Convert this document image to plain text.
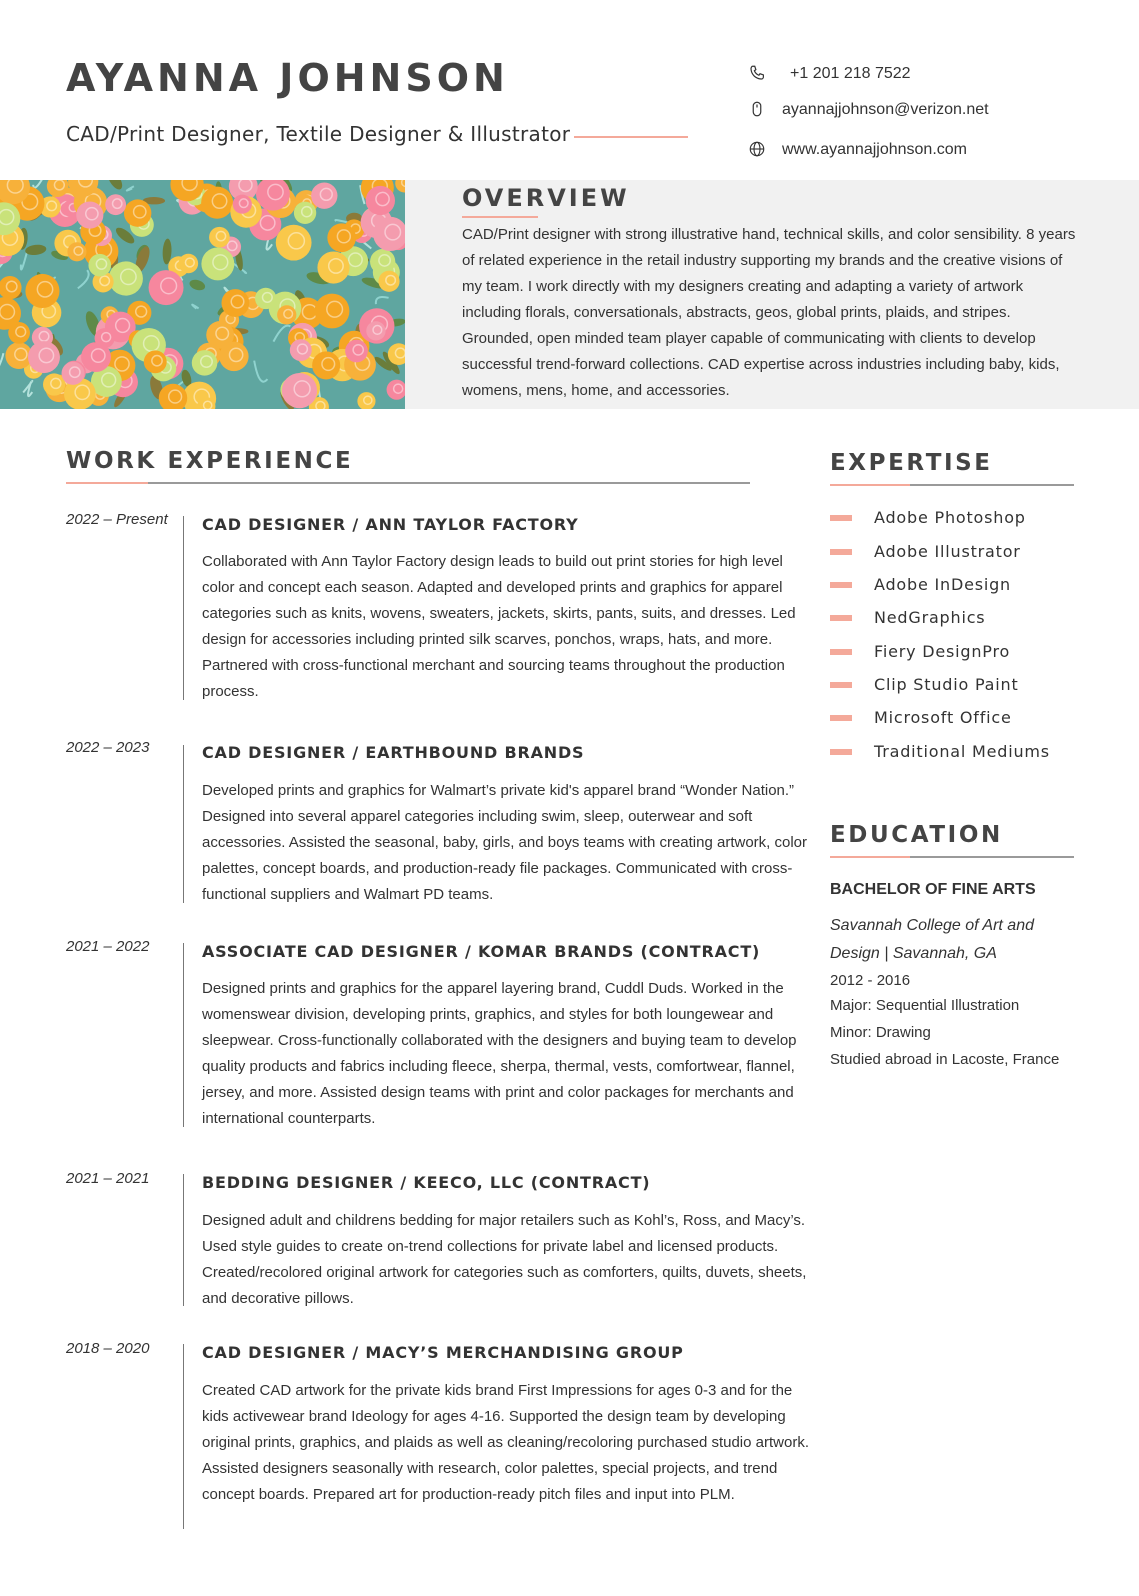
AYANNA JOHNSON
CAD/Print Designer, Textile Designer & Illustrator
+1 201 218 7522
ayannajjohnson@verizon.net
www.ayannajjohnson.com
OVERVIEW
CAD/Print designer with strong illustrative hand, technical skills, and color sensibility. 8 years of related experience in the retail industry supporting my brands and the creative visions of my team. I work directly with my designers creating and adapting a variety of artwork including florals, conversationals, abstracts, geos, global prints, plaids, and stripes. Grounded, open minded team player capable of communicating with clients to develop successful trend-forward collections. CAD expertise across industries including baby, kids, womens, mens, home, and accessories.
WORK EXPERIENCE
2022 – Present CAD DESIGNER / ANN TAYLOR FACTORY
Collaborated with Ann Taylor Factory design leads to build out print stories for high level color and concept each season. Adapted and developed prints and graphics for apparel categories such as knits, wovens, sweaters, jackets, skirts, pants, suits, and dresses. Led design for accessories including printed silk scarves, ponchos, wraps, hats, and more. Partnered with cross-functional merchant and sourcing teams throughout the production process.
2022 – 2023	CAD DESIGNER / EARTHBOUND BRANDS
Developed prints and graphics for Walmart’s private kid's apparel brand “Wonder Nation.” Designed into several apparel categories including swim, sleep, outerwear and soft accessories. Assisted the seasonal, baby, girls, and boys teams with creating artwork, color palettes, concept boards, and production-ready file packages. Communicated with cross-functional suppliers and Walmart PD teams.
2021 – 2022	ASSOCIATE CAD DESIGNER / KOMAR BRANDS (CONTRACT)
Designed prints and graphics for the apparel layering brand, Cuddl Duds. Worked in the womenswear division, developing prints, graphics, and styles for both loungewear and sleepwear. Cross-functionally collaborated with the designers and buying team to develop quality products and fabrics including fleece, sherpa, thermal, vests, comfortwear, flannel, jersey, and more. Assisted design teams with print and color packages for merchants and international counterparts.
2021 – 2021	BEDDING DESIGNER / KEECO, LLC (CONTRACT)
Designed adult and childrens bedding for major retailers such as Kohl’s, Ross, and Macy’s. Used style guides to create on-trend collections for private label and licensed products. Created/recolored original artwork for categories such as comforters, quilts, duvets, sheets, and decorative pillows.
2018 – 2020	CAD DESIGNER / MACY’S MERCHANDISING GROUP
Created CAD artwork for the private kids brand First Impressions for ages 0-3 and for the kids activewear brand Ideology for ages 4-16. Supported the design team by developing original prints, graphics, and plaids as well as cleaning/recoloring purchased studio artwork. Assisted designers seasonally with research, color palettes, special projects, and trend concept boards. Prepared art for production-ready pitch files and input into PLM.
EXPERTISE
Adobe Photoshop
Adobe Illustrator
Adobe InDesign
NedGraphics
Fiery DesignPro
Clip Studio Paint
Microsoft Office
Traditional Mediums
EDUCATION
BACHELOR OF FINE ARTS
Savannah College of Art and Design | Savannah, GA
2012 - 2016
Major: Sequential Illustration
Minor: Drawing
Studied abroad in Lacoste, France
